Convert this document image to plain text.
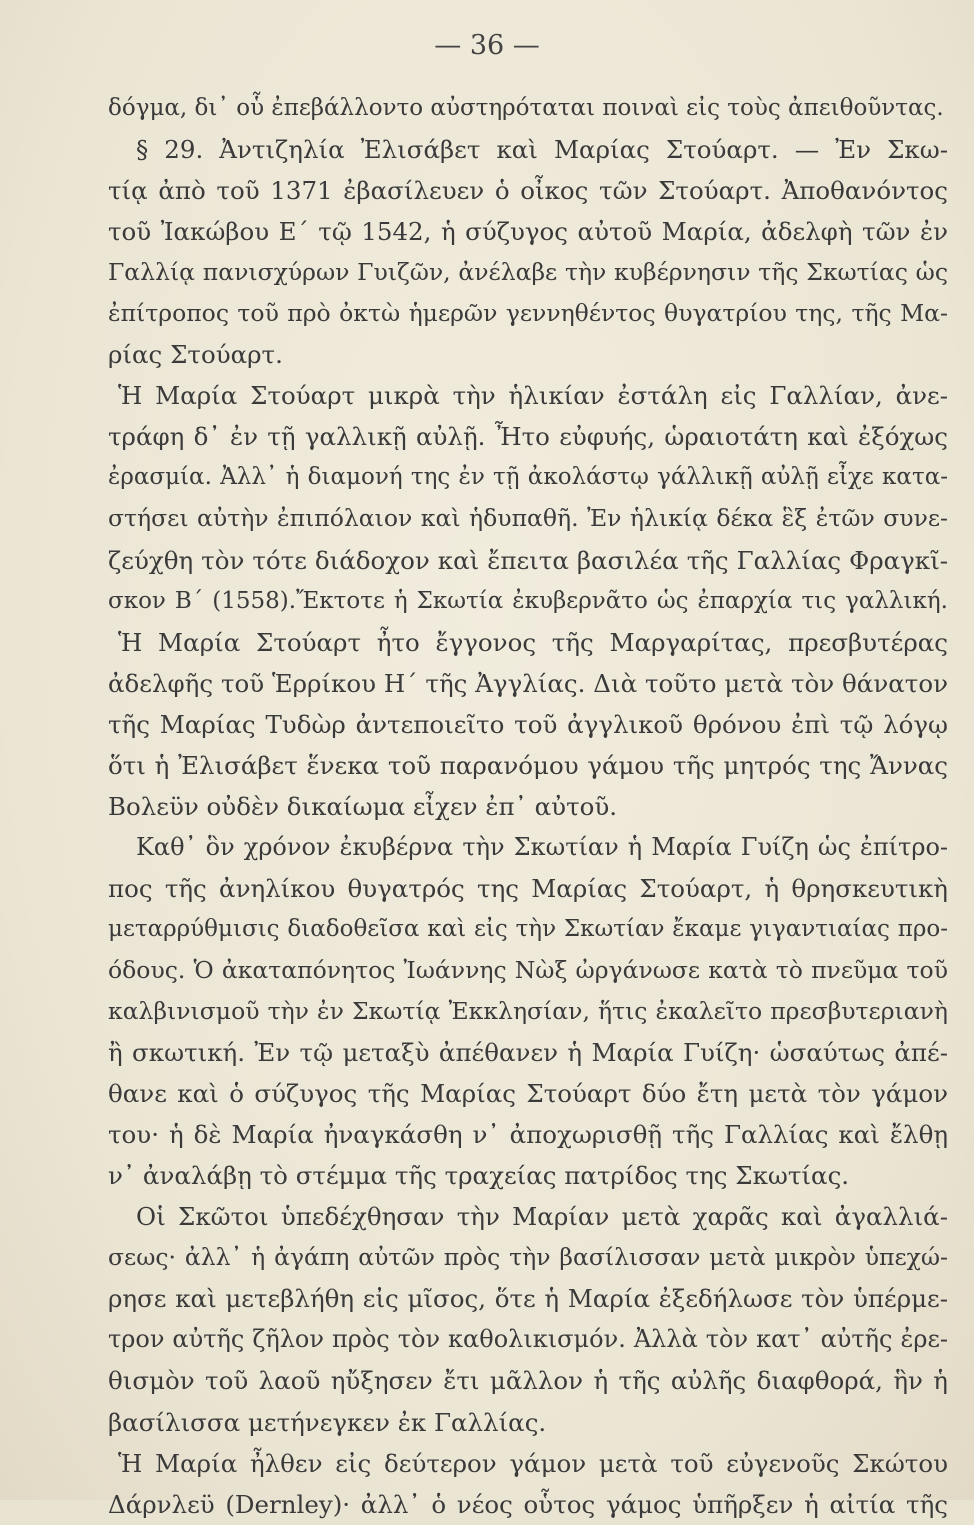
— 36 —
δόγμα, δι᾿ οὗ ἐπεβάλλοντο αὐστηρόταται ποιναὶ εἰς τοὺς ἀπειθοῦντας.
§ 29. Ἀντιζηλία Ἐλισάβετ καὶ Μαρίας Στούαρτ. — Ἐν Σκω-
τίᾳ ἀπὸ τοῦ 1371 ἐβασίλευεν ὁ οἶκος τῶν Στούαρτ. Ἀποθανόντος
τοῦ Ἰακώβου Ε΄ τῷ 1542, ἡ σύζυγος αὐτοῦ Μαρία, ἀδελφὴ τῶν ἐν
Γαλλίᾳ πανισχύρων Γυιζῶν, ἀνέλαβε τὴν κυβέρνησιν τῆς Σκωτίας ὡς
ἐπίτροπος τοῦ πρὸ ὀκτὼ ἡμερῶν γεννηθέντος θυγατρίου της, τῆς Μα-
ρίας Στούαρτ.
Ἡ Μαρία Στούαρτ μικρὰ τὴν ἡλικίαν ἐστάλη εἰς Γαλλίαν, ἀνε-
τράφη δ᾿ ἐν τῇ γαλλικῇ αὐλῇ. Ἦτο εὐφυής, ὡραιοτάτη καὶ ἐξόχως
ἐρασμία. Ἀλλ᾿ ἡ διαμονή της ἐν τῇ ἀκολάστῳ γάλλικῇ αὐλῇ εἶχε κατα-
στήσει αὐτὴν ἐπιπόλαιον καὶ ἡδυπαθῆ. Ἐν ἡλικίᾳ δέκα ἓξ ἐτῶν συνε-
ζεύχθη τὸν τότε διάδοχον καὶ ἔπειτα βασιλέα τῆς Γαλλίας Φραγκῖ-
σκον Β΄ (1558).Ἔκτοτε ἡ Σκωτία ἐκυβερνᾶτο ὡς ἐπαρχία τις γαλλική.
Ἡ Μαρία Στούαρτ ἦτο ἔγγονος τῆς Μαργαρίτας, πρεσβυτέρας
ἀδελφῆς τοῦ Ἑρρίκου Η΄ τῆς Ἀγγλίας. Διὰ τοῦτο μετὰ τὸν θάνατον
τῆς Μαρίας Τυδὼρ ἀντεποιεῖτο τοῦ ἀγγλικοῦ θρόνου ἐπὶ τῷ λόγῳ
ὅτι ἡ Ἐλισάβετ ἕνεκα τοῦ παρανόμου γάμου τῆς μητρός της Ἄννας
Βολεϋν οὐδὲν δικαίωμα εἶχεν ἐπ᾿ αὐτοῦ.
Καθ᾿ ὃν χρόνον ἐκυβέρνα τὴν Σκωτίαν ἡ Μαρία Γυίζη ὡς ἐπίτρο-
πος τῆς ἀνηλίκου θυγατρός της Μαρίας Στούαρτ, ἡ θρησκευτικὴ
μεταρρύθμισις διαδοθεῖσα καὶ εἰς τὴν Σκωτίαν ἔκαμε γιγαντιαίας προ-
όδους. Ὁ ἀκαταπόνητος Ἰωάννης Νὼξ ὠργάνωσε κατὰ τὸ πνεῦμα τοῦ
καλβινισμοῦ τὴν ἐν Σκωτίᾳ Ἐκκλησίαν, ἥτις ἐκαλεῖτο πρεσβυτεριανὴ
ἢ σκωτική. Ἐν τῷ μεταξὺ ἀπέθανεν ἡ Μαρία Γυίζη· ὡσαύτως ἀπέ-
θανε καὶ ὁ σύζυγος τῆς Μαρίας Στούαρτ δύο ἔτη μετὰ τὸν γάμον
του· ἡ δὲ Μαρία ἠναγκάσθη ν᾿ ἀποχωρισθῇ τῆς Γαλλίας καὶ ἔλθῃ
ν᾿ ἀναλάβῃ τὸ στέμμα τῆς τραχείας πατρίδος της Σκωτίας.
Οἱ Σκῶτοι ὑπεδέχθησαν τὴν Μαρίαν μετὰ χαρᾶς καὶ ἀγαλλιά-
σεως· ἀλλ᾿ ἡ ἀγάπη αὐτῶν πρὸς τὴν βασίλισσαν μετὰ μικρὸν ὑπεχώ-
ρησε καὶ μετεβλήθη εἰς μῖσος, ὅτε ἡ Μαρία ἐξεδήλωσε τὸν ὑπέρμε-
τρον αὐτῆς ζῆλον πρὸς τὸν καθολικισμόν. Ἀλλὰ τὸν κατ᾿ αὐτῆς ἐρε-
θισμὸν τοῦ λαοῦ ηὔξησεν ἔτι μᾶλλον ἡ τῆς αὐλῆς διαφθορά, ἣν ἡ
βασίλισσα μετήνεγκεν ἐκ Γαλλίας.
Ἡ Μαρία ἦλθεν εἰς δεύτερον γάμον μετὰ τοῦ εὐγενοῦς Σκώτου
Δάρνλεϋ (Dernley)· ἀλλ᾿ ὁ νέος οὗτος γάμος ὑπῆρξεν ἡ αἰτία τῆς
